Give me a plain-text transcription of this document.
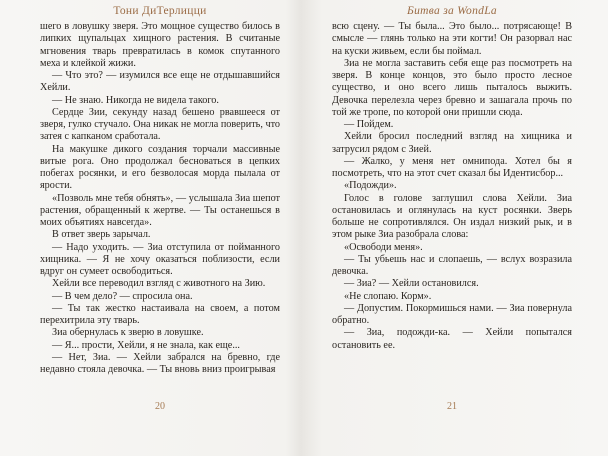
Тони ДиТерлицци

шего в ловушку зверя. Это мощное существо билось в липких щупальцах хищного растения. В считаные мгновения тварь превратилась в комок спутанного меха и клейкой жижи.

— Что это? — изумился все еще не отдышавшийся Хейли.

— Не знаю. Никогда не видела такого.

Сердце Зии, секунду назад бешено рвавшееся от зверя, гулко стучало. Она никак не могла поверить, что затея с капканом сработала.

На макушке дикого создания торчали массивные витые рога. Оно продолжал бесноваться в цепких побегах росянки, и его безволосая морда пылала от ярости.

«Позволь мне тебя обнять», — услышала Зиа шепот растения, обращенный к жертве. — Ты останешься в моих объятиях навсегда».

В ответ зверь зарычал.

— Надо уходить. — Зиа отступила от пойманного хищника. — Я не хочу оказаться поблизости, если вдруг он сумеет освободиться.

Хейли все переводил взгляд с животного на Зию.

— В чем дело? — спросила она.

— Ты так жестко настаивала на своем, а потом перехитрила эту тварь.

Зиа обернулась к зверю в ловушке.

— Я... прости, Хейли, я не знала, как еще...

— Нет, Зиа. — Хейли забрался на бревно, где недавно стояла девочка. — Ты вновь вниз проигрывая

20
Битва за WondLa

всю сцену. — Ты была... Это было... потрясающе! В смысле — глянь только на эти когти! Он разорвал нас на куски живьем, если бы поймал.

Зиа не могла заставить себя еще раз посмотреть на зверя. В конце концов, это было просто лесное существо, и оно всего лишь пыталось выжить. Девочка перелезла через бревно и зашагала прочь по той же тропе, по которой они пришли сюда.

— Пойдем.

Хейли бросил последний взгляд на хищника и затрусил рядом с Зией.

— Жалко, у меня нет омнипода. Хотел бы я посмотреть, что на этот счет сказал бы Идентисбор...

«Подожди».

Голос в голове заглушил слова Хейли. Зиа остановилась и оглянулась на куст росянки. Зверь больше не сопротивлялся. Он издал низкий рык, и в этом рыке Зиа разобрала слова:

«Освободи меня».

— Ты убьешь нас и слопаешь, — вслух возразила девочка.

— Зиа? — Хейли остановился.

«Не слопаю. Корм».

— Допустим. Покормишься нами. — Зиа повернула обратно.

— Зиа, подожди-ка. — Хейли попытался остановить ее.

21
